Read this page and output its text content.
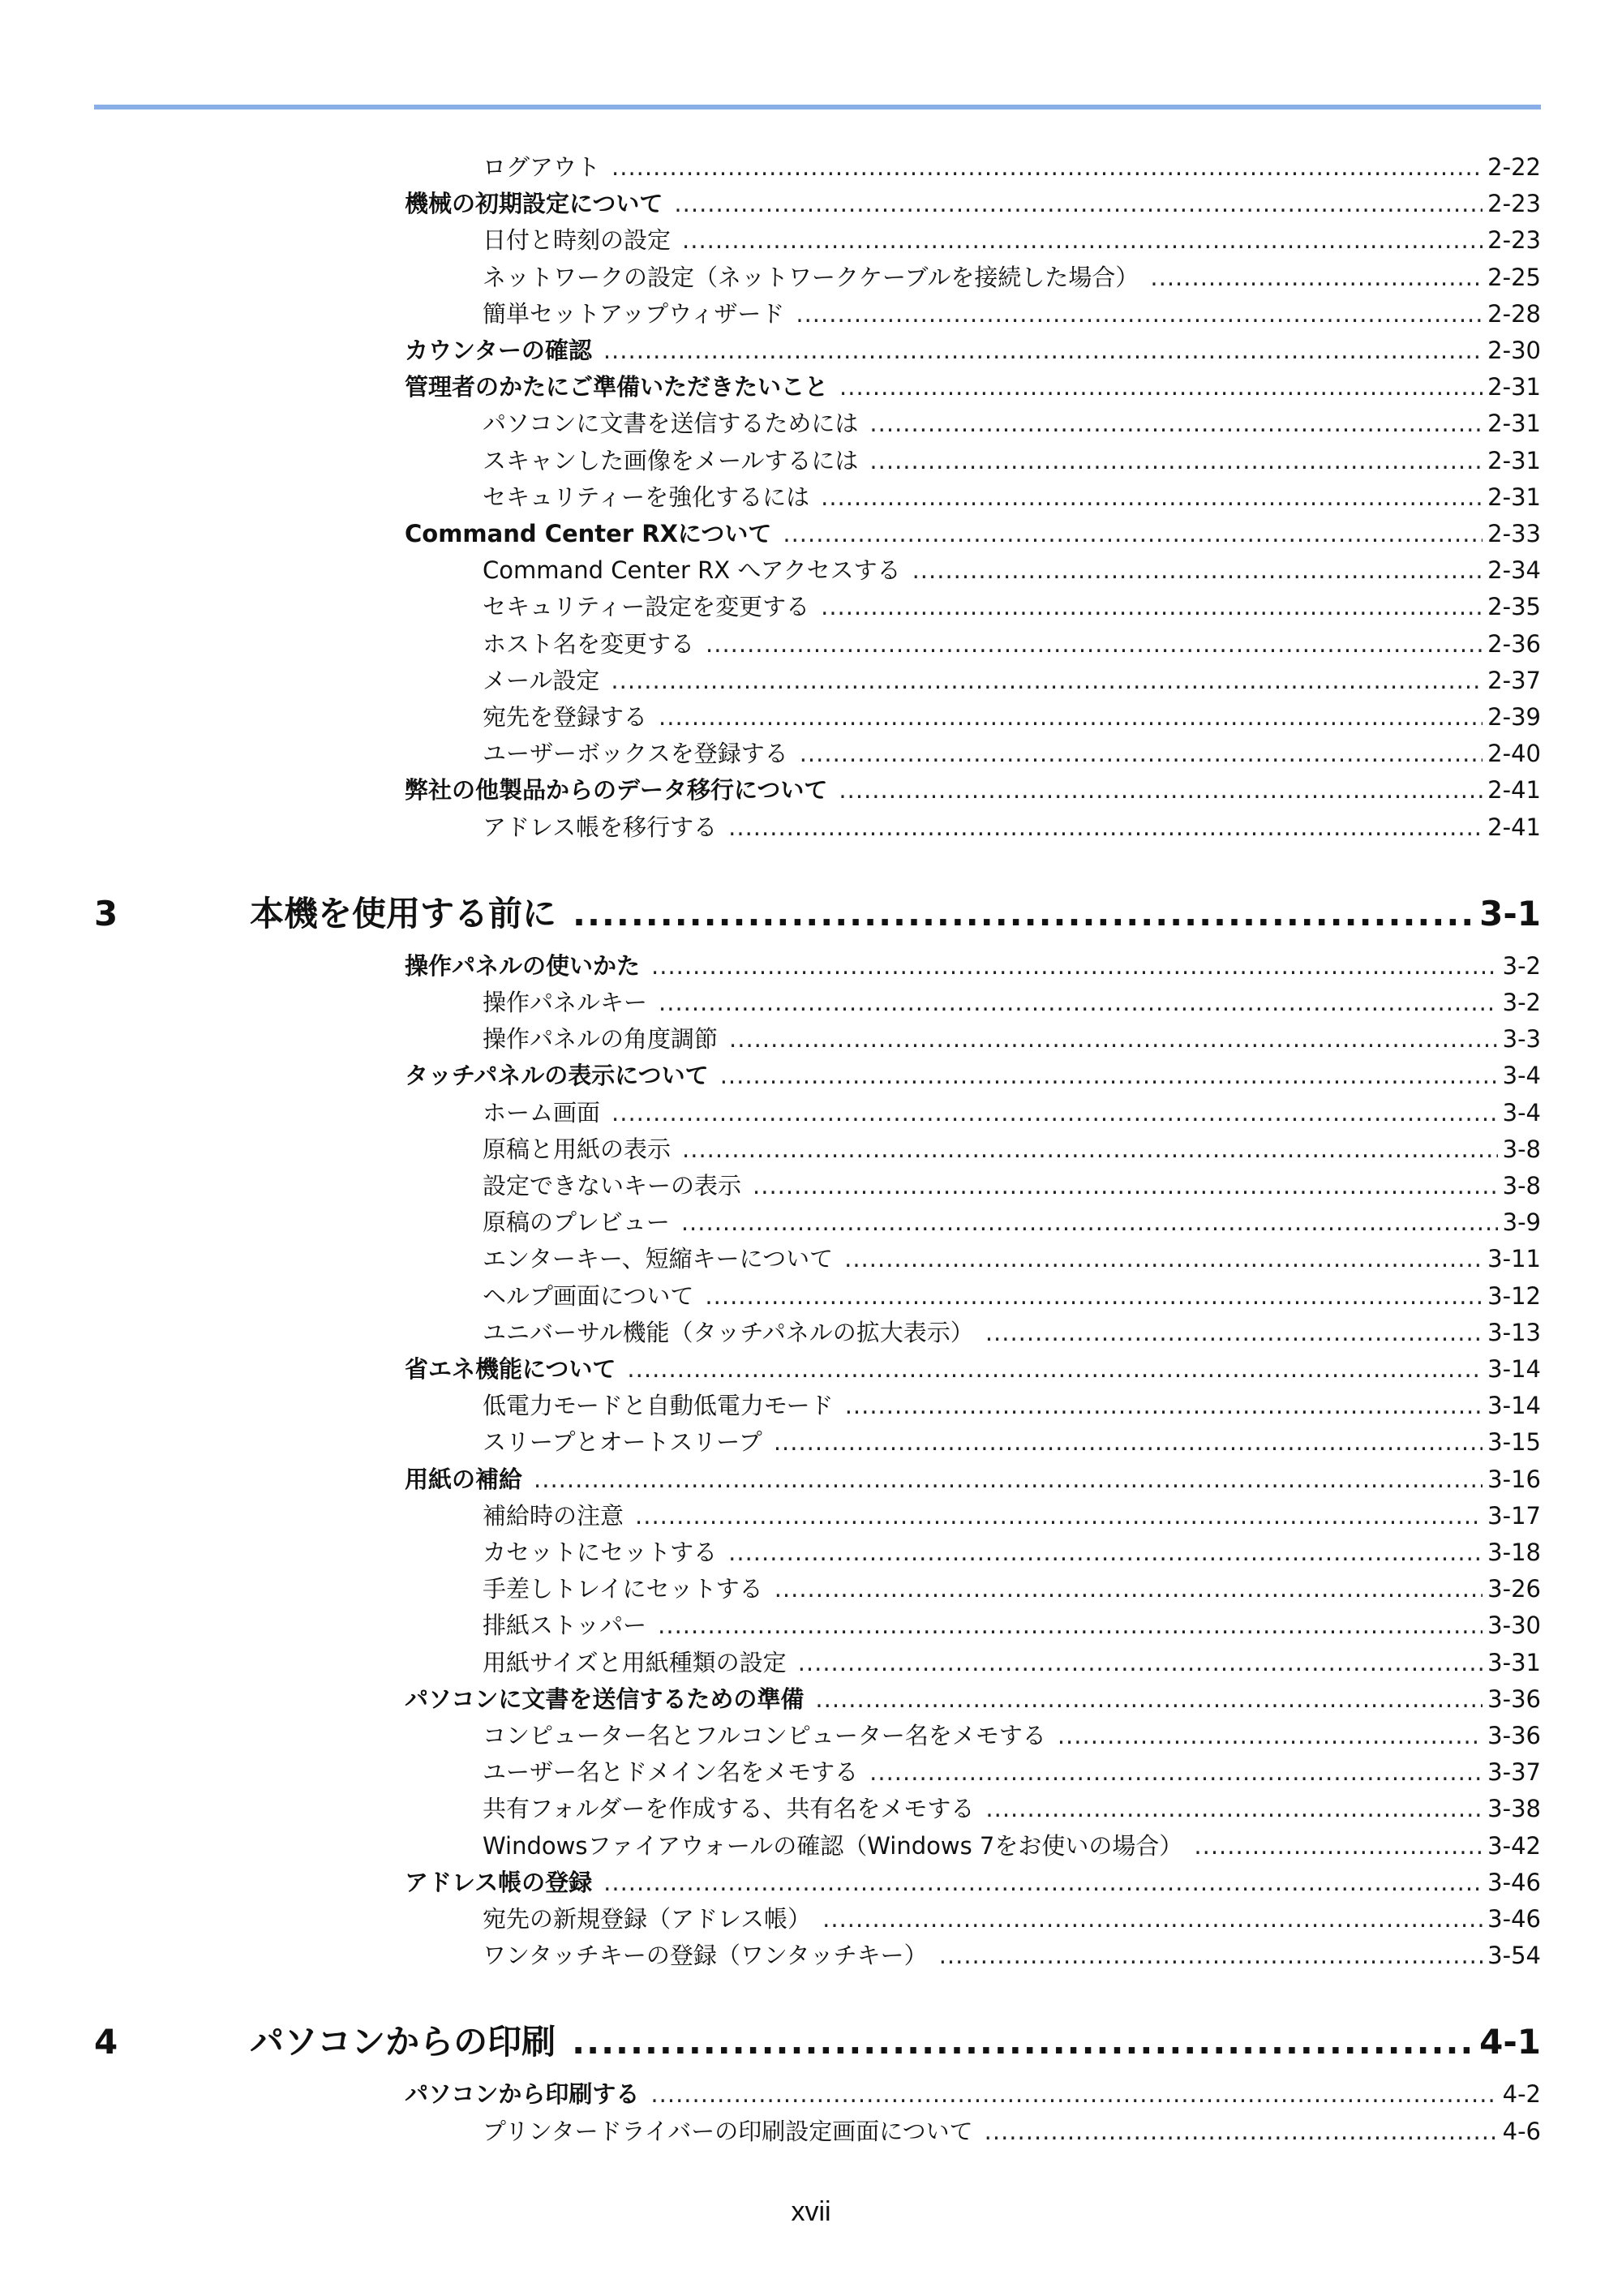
ログアウト .....	2-22
機械の初期設定について .....	2-23
日付と時刻の設定 .....	2-23
ネットワークの設定（ネットワークケーブルを接続した場合） .....	2-25
簡単セットアップウィザード .....	2-28
カウンターの確認 .....	2-30
管理者のかたにご準備いただきたいこと .....	2-31
パソコンに文書を送信するためには .....	2-31
スキャンした画像をメールするには .....	2-31
セキュリティーを強化するには .....	2-31
Command Center RXについて .....	2-33
Command Center RX へアクセスする .....	2-34
セキュリティー設定を変更する .....	2-35
ホスト名を変更する .....	2-36
メール設定 .....	2-37
宛先を登録する .....	2-39
ユーザーボックスを登録する .....	2-40
弊社の他製品からのデータ移行について .....	2-41
アドレス帳を移行する .....	2-41
3	本機を使用する前に .....	3-1
操作パネルの使いかた .....	3-2
操作パネルキー .....	3-2
操作パネルの角度調節 .....	3-3
タッチパネルの表示について .....	3-4
ホーム画面 .....	3-4
原稿と用紙の表示 .....	3-8
設定できないキーの表示 .....	3-8
原稿のプレビュー .....	3-9
エンターキー、短縮キーについて .....	3-11
ヘルプ画面について .....	3-12
ユニバーサル機能（タッチパネルの拡大表示） .....	3-13
省エネ機能について .....	3-14
低電力モードと自動低電力モード .....	3-14
スリープとオートスリープ .....	3-15
用紙の補給 .....	3-16
補給時の注意 .....	3-17
カセットにセットする .....	3-18
手差しトレイにセットする .....	3-26
排紙ストッパー .....	3-30
用紙サイズと用紙種類の設定 .....	3-31
パソコンに文書を送信するための準備 .....	3-36
コンピューター名とフルコンピューター名をメモする .....	3-36
ユーザー名とドメイン名をメモする .....	3-37
共有フォルダーを作成する、共有名をメモする .....	3-38
Windowsファイアウォールの確認（Windows 7をお使いの場合） .....	3-42
アドレス帳の登録 .....	3-46
宛先の新規登録（アドレス帳） .....	3-46
ワンタッチキーの登録（ワンタッチキー） .....	3-54
4	パソコンからの印刷 .....	4-1
パソコンから印刷する .....	4-2
プリンタードライバーの印刷設定画面について .....	4-6
xvii
